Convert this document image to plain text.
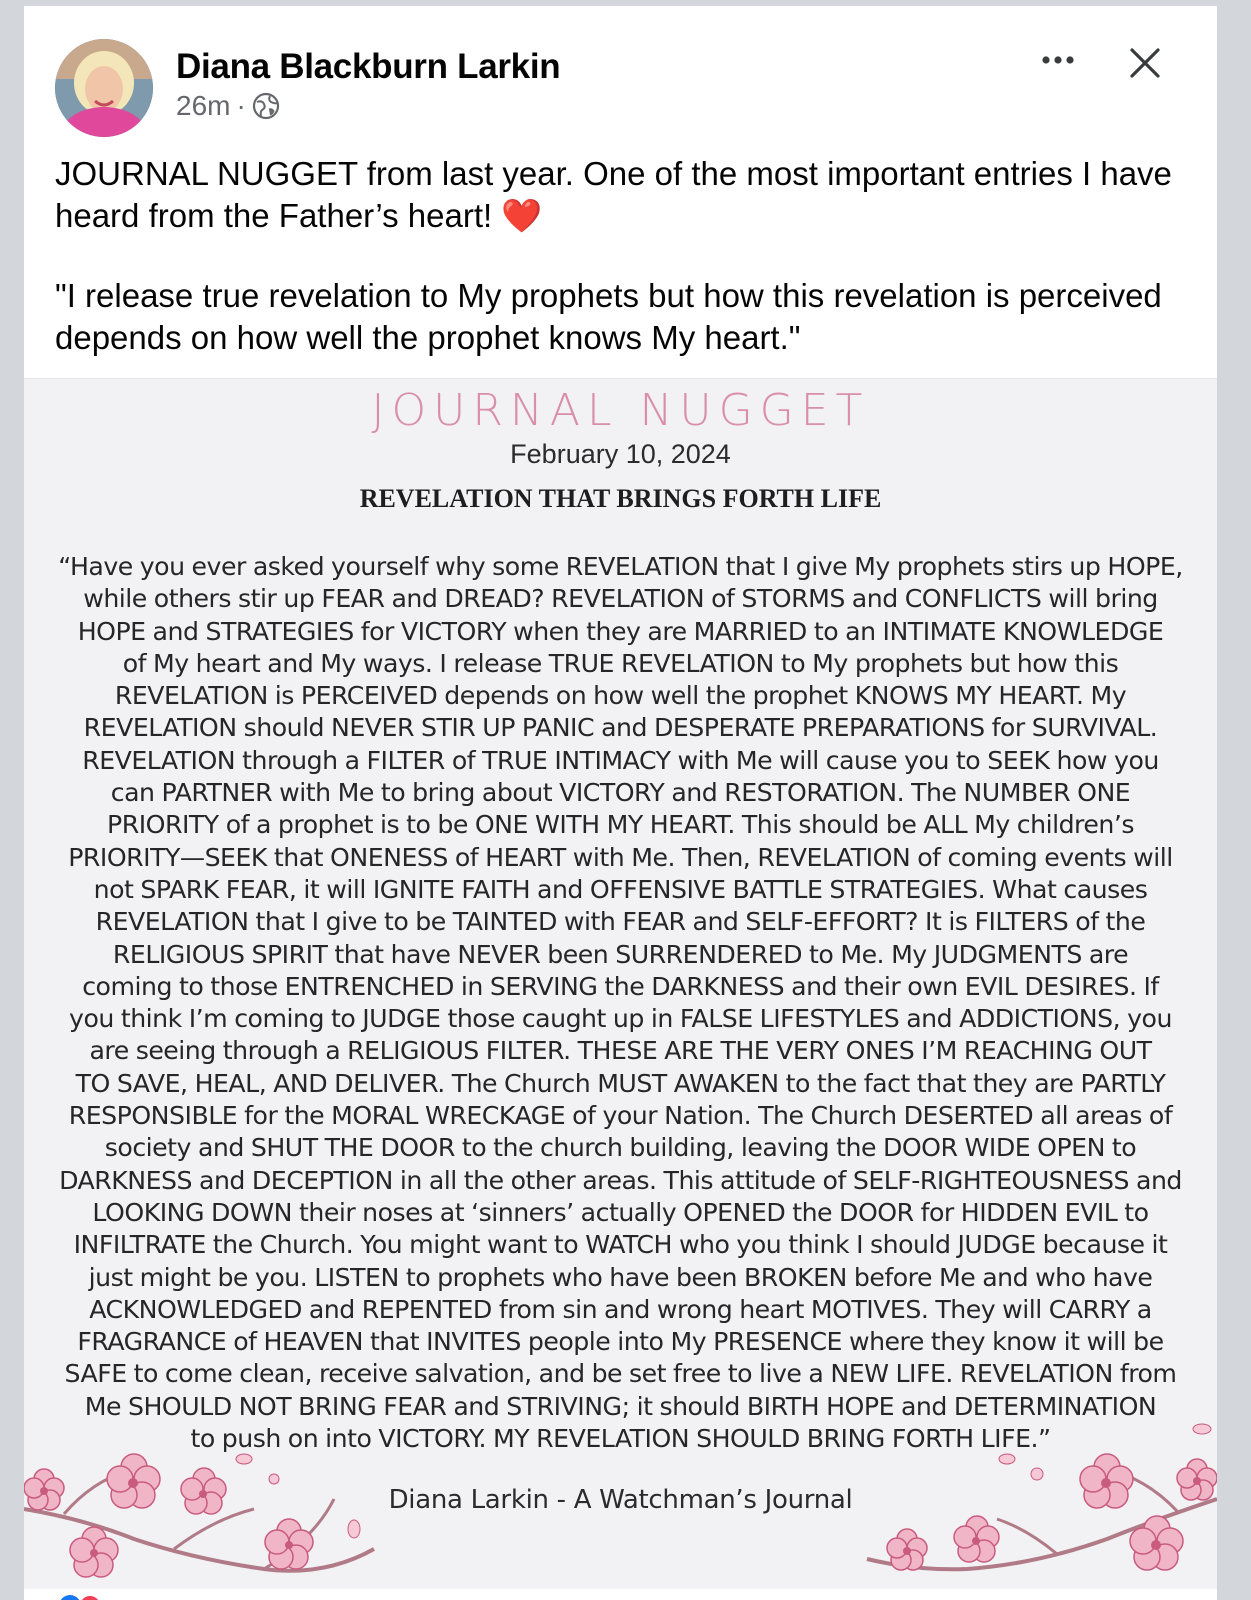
Diana Blackburn Larkin
26m ·

JOURNAL NUGGET from last year. One of the most important entries I have heard from the Father’s heart! ❤️

"I release true revelation to My prophets but how this revelation is perceived depends on how well the prophet knows My heart."

JOURNAL NUGGET
February 10, 2024
REVELATION THAT BRINGS FORTH LIFE
“Have you ever asked yourself why some REVELATION that I give My prophets stirs up HOPE,
while others stir up FEAR and DREAD? REVELATION of STORMS and CONFLICTS will bring
HOPE and STRATEGIES for VICTORY when they are MARRIED to an INTIMATE KNOWLEDGE
of My heart and My ways. I release TRUE REVELATION to My prophets but how this
REVELATION is PERCEIVED depends on how well the prophet KNOWS MY HEART. My
REVELATION should NEVER STIR UP PANIC and DESPERATE PREPARATIONS for SURVIVAL.
REVELATION through a FILTER of TRUE INTIMACY with Me will cause you to SEEK how you
can PARTNER with Me to bring about VICTORY and RESTORATION. The NUMBER ONE
PRIORITY of a prophet is to be ONE WITH MY HEART. This should be ALL My children’s
PRIORITY—SEEK that ONENESS of HEART with Me. Then, REVELATION of coming events will
not SPARK FEAR, it will IGNITE FAITH and OFFENSIVE BATTLE STRATEGIES. What causes
REVELATION that I give to be TAINTED with FEAR and SELF-EFFORT? It is FILTERS of the
RELIGIOUS SPIRIT that have NEVER been SURRENDERED to Me. My JUDGMENTS are
coming to those ENTRENCHED in SERVING the DARKNESS and their own EVIL DESIRES. If
you think I’m coming to JUDGE those caught up in FALSE LIFESTYLES and ADDICTIONS, you
are seeing through a RELIGIOUS FILTER. THESE ARE THE VERY ONES I’M REACHING OUT
TO SAVE, HEAL, AND DELIVER. The Church MUST AWAKEN to the fact that they are PARTLY
RESPONSIBLE for the MORAL WRECKAGE of your Nation. The Church DESERTED all areas of
society and SHUT THE DOOR to the church building, leaving the DOOR WIDE OPEN to
DARKNESS and DECEPTION in all the other areas. This attitude of SELF-RIGHTEOUSNESS and
LOOKING DOWN their noses at ‘sinners’ actually OPENED the DOOR for HIDDEN EVIL to
INFILTRATE the Church. You might want to WATCH who you think I should JUDGE because it
just might be you. LISTEN to prophets who have been BROKEN before Me and who have
ACKNOWLEDGED and REPENTED from sin and wrong heart MOTIVES. They will CARRY a
FRAGRANCE of HEAVEN that INVITES people into My PRESENCE where they know it will be
SAFE to come clean, receive salvation, and be set free to live a NEW LIFE. REVELATION from
Me SHOULD NOT BRING FEAR and STRIVING; it should BIRTH HOPE and DETERMINATION
to push on into VICTORY. MY REVELATION SHOULD BRING FORTH LIFE.”
Diana Larkin - A Watchman’s Journal
